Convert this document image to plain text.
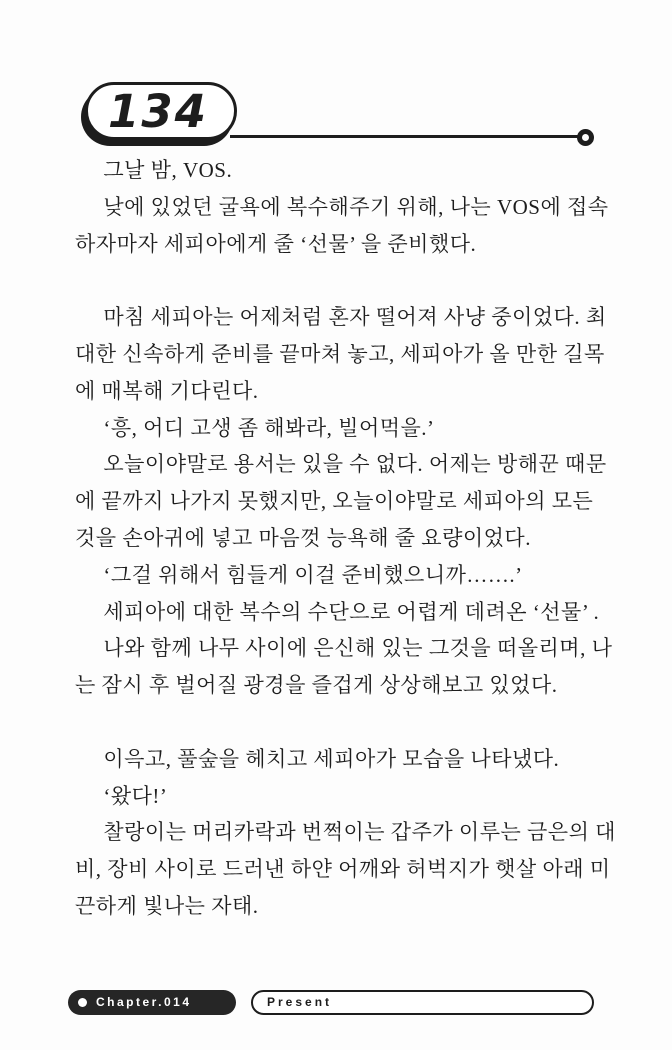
134
그날 밤, VOS.
낮에 있었던 굴욕에 복수해주기 위해, 나는 VOS에 접속
하자마자 세피아에게 줄 ‘선물’ 을 준비했다.
마침 세피아는 어제처럼 혼자 떨어져 사냥 중이었다. 최
대한 신속하게 준비를 끝마쳐 놓고, 세피아가 올 만한 길목
에 매복해 기다린다.
‘흥, 어디 고생 좀 해봐라, 빌어먹을.’
오늘이야말로 용서는 있을 수 없다. 어제는 방해꾼 때문
에 끝까지 나가지 못했지만, 오늘이야말로 세피아의 모든
것을 손아귀에 넣고 마음껏 능욕해 줄 요량이었다.
‘그걸 위해서 힘들게 이걸 준비했으니까…….’
세피아에 대한 복수의 수단으로 어렵게 데려온 ‘선물’ .
나와 함께 나무 사이에 은신해 있는 그것을 떠올리며, 나
는 잠시 후 벌어질 광경을 즐겁게 상상해보고 있었다.
이윽고, 풀숲을 헤치고 세피아가 모습을 나타냈다.
‘왔다!’
찰랑이는 머리카락과 번쩍이는 갑주가 이루는 금은의 대
비, 장비 사이로 드러낸 하얀 어깨와 허벅지가 햇살 아래 미
끈하게 빛나는 자태.
Chapter.014	Present
